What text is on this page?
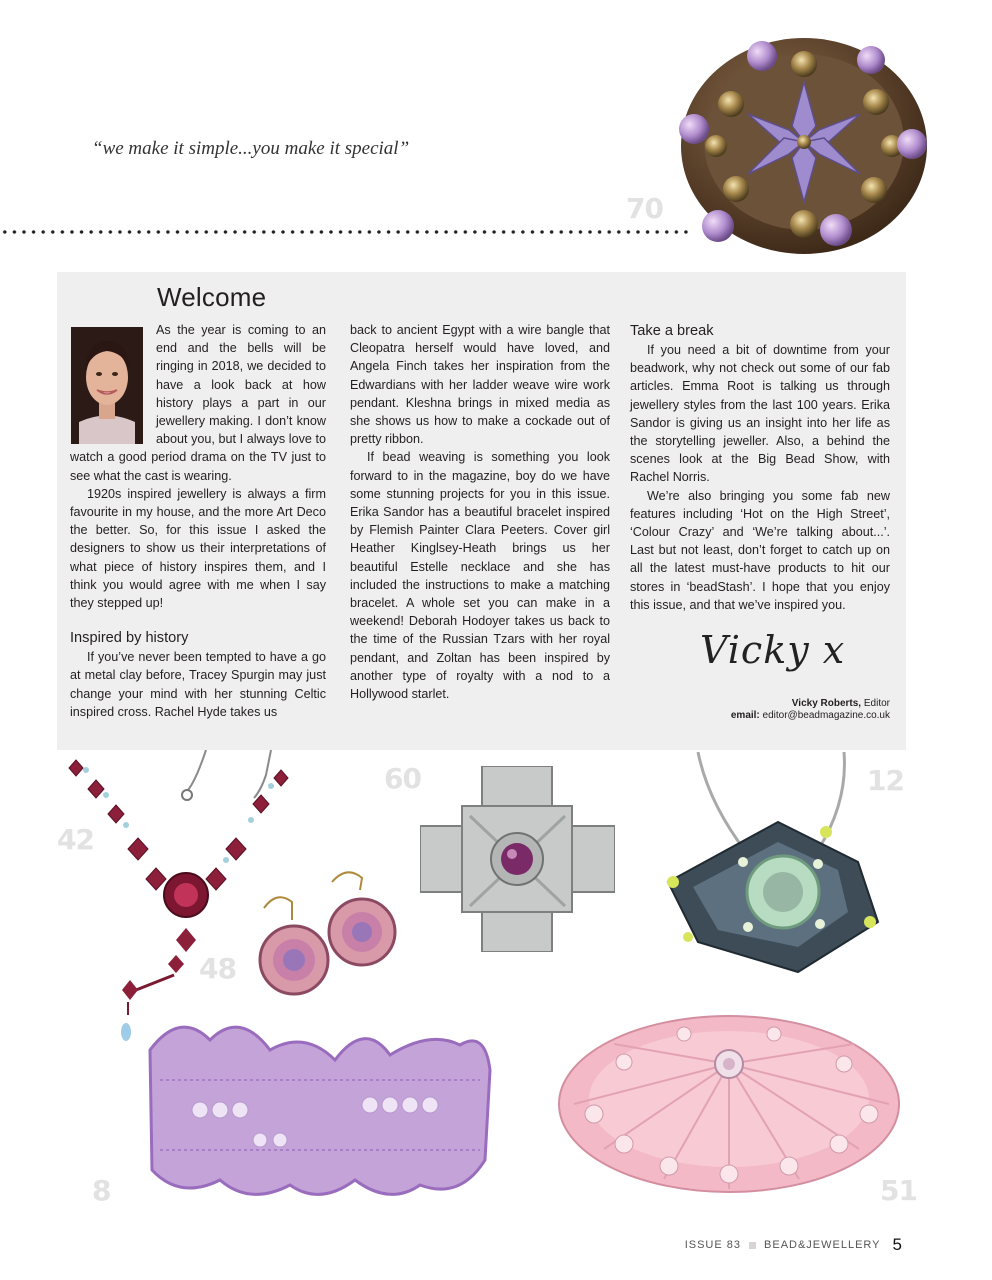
“we make it simple...you make it special”
70
Welcome

As the year is coming to an end and the bells will be ringing in 2018, we decided to have a look back at how history plays a part in our jewellery making. I don’t know about you, but I always love to watch a good period drama on the TV just to see what the cast is wearing.

1920s inspired jewellery is always a firm favourite in my house, and the more Art Deco the better. So, for this issue I asked the designers to show us their interpretations of what piece of history inspires them, and I think you would agree with me when I say they stepped up!

Inspired by history

If you’ve never been tempted to have a go at metal clay before, Tracey Spurgin may just change your mind with her stunning Celtic inspired cross. Rachel Hyde takes us

back to ancient Egypt with a wire bangle that Cleopatra herself would have loved, and Angela Finch takes her inspiration from the Edwardians with her ladder weave wire work pendant. Kleshna brings in mixed media as she shows us how to make a cockade out of pretty ribbon.

If bead weaving is something you look forward to in the magazine, boy do we have some stunning projects for you in this issue. Erika Sandor has a beautiful bracelet inspired by Flemish Painter Clara Peeters. Cover girl Heather Kinglsey-Heath brings us her beautiful Estelle necklace and she has included the instructions to make a matching bracelet. A whole set you can make in a weekend! Deborah Hodoyer takes us back to the time of the Russian Tzars with her royal pendant, and Zoltan has been inspired by another type of royalty with a nod to a Hollywood starlet.

Take a break

If you need a bit of downtime from your beadwork, why not check out some of our fab articles. Emma Root is talking us through jewellery styles from the last 100 years. Erika Sandor is giving us an insight into her life as the storytelling jeweller. Also, a behind the scenes look at the Big Bead Show, with Rachel Norris.

We’re also bringing you some fab new features including ‘Hot on the High Street’, ‘Colour Crazy’ and ‘We’re talking about...’. Last but not least, don’t forget to catch up on all the latest must-have products to hit our stores in ‘beadStash’. I hope that you enjoy this issue, and that we’ve inspired you.

Vicky x
Vicky Roberts, Editor
email: editor@beadmagazine.co.uk
42
48
60	12
8	51
ISSUE 83 BEAD&JEWELLERY 5
